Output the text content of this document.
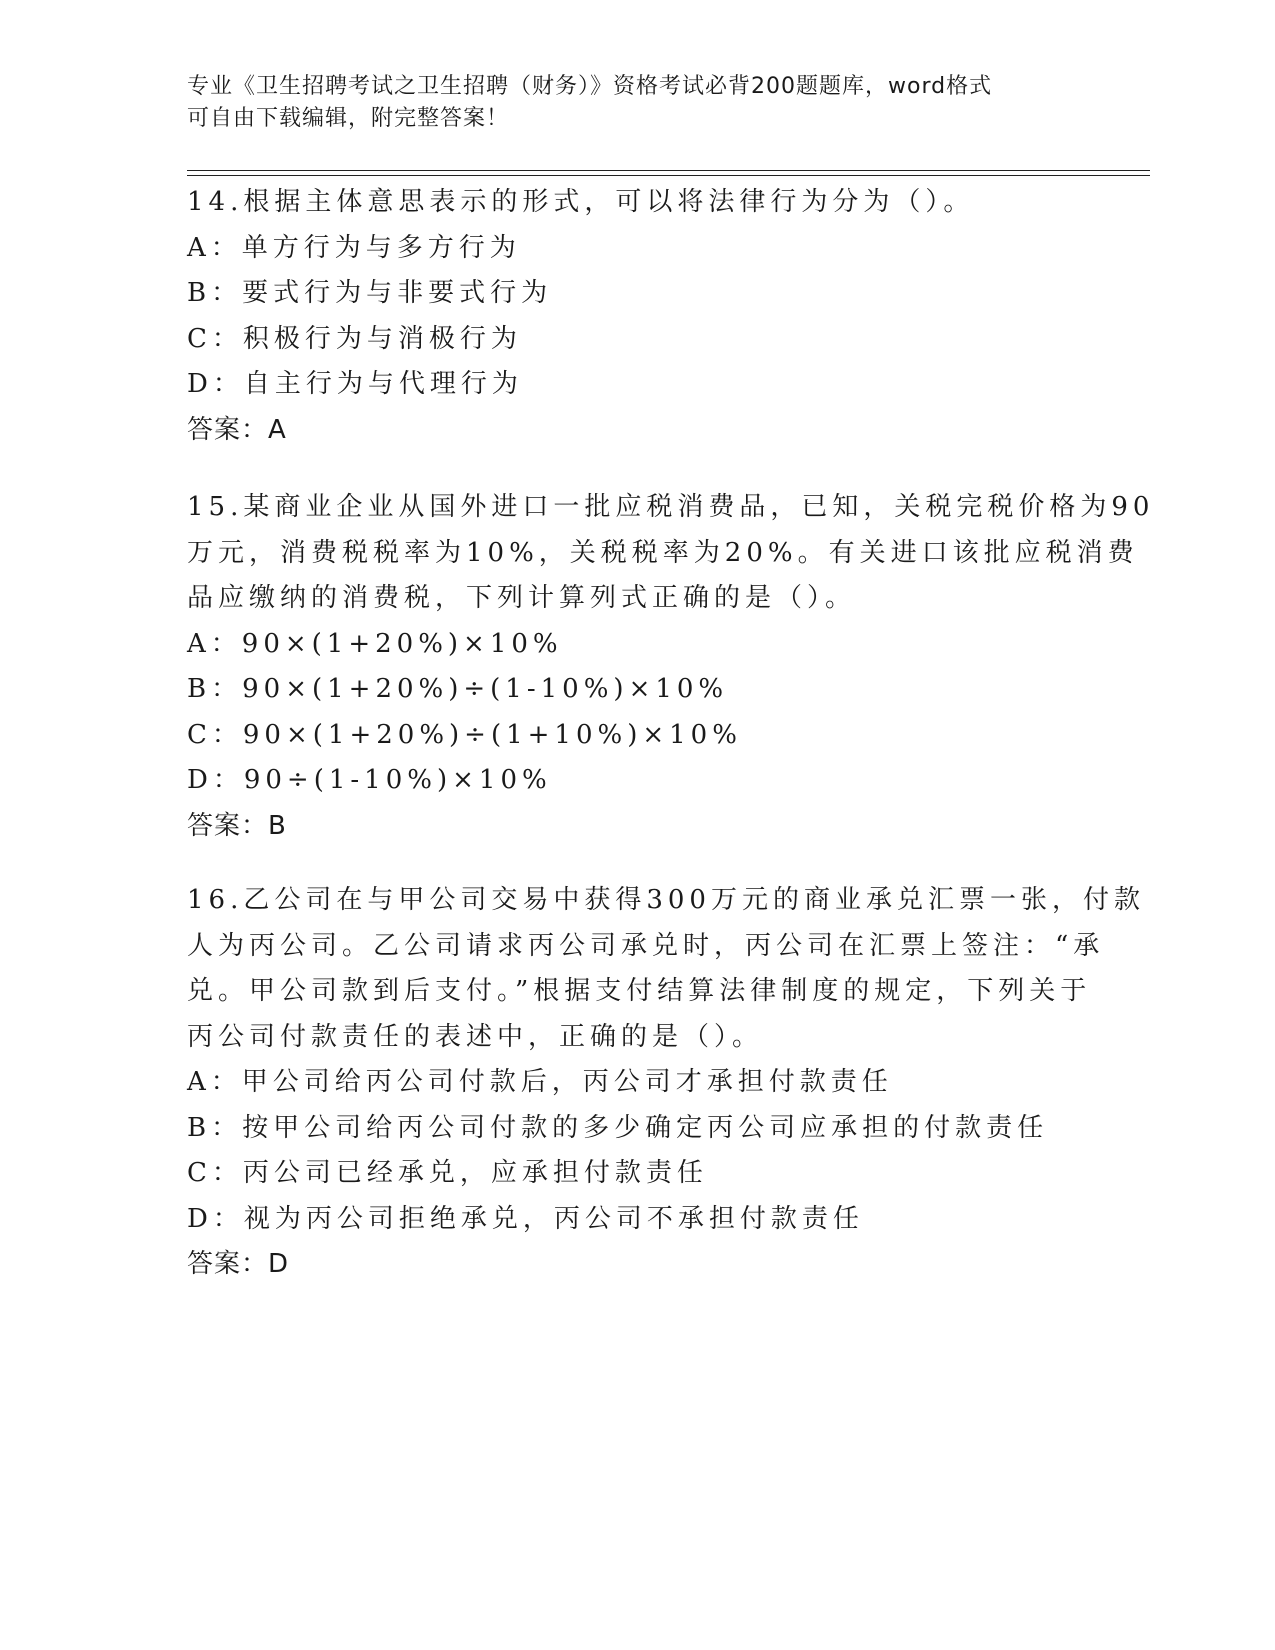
专业《卫生招聘考试之卫生招聘（财务）》资格考试必背200题题库，word格式
可自由下载编辑，附完整答案！
14.根据主体意思表示的形式，可以将法律行为分为（）。
A：单方行为与多方行为
B：要式行为与非要式行为
C：积极行为与消极行为
D：自主行为与代理行为
答案：A
15.某商业企业从国外进口一批应税消费品，已知，关税完税价格为90
万元，消费税税率为10%，关税税率为20%。有关进口该批应税消费
品应缴纳的消费税，下列计算列式正确的是（）。
A：90×(1+20%)×10%
B：90×(1+20%)÷(1-10%)×10%
C：90×(1+20%)÷(1+10%)×10%
D：90÷(1-10%)×10%
答案：B
16.乙公司在与甲公司交易中获得300万元的商业承兑汇票一张，付款
人为丙公司。乙公司请求丙公司承兑时，丙公司在汇票上签注：“承
兑。甲公司款到后支付。”根据支付结算法律制度的规定，下列关于
丙公司付款责任的表述中，正确的是（）。
A：甲公司给丙公司付款后，丙公司才承担付款责任
B：按甲公司给丙公司付款的多少确定丙公司应承担的付款责任
C：丙公司已经承兑，应承担付款责任
D：视为丙公司拒绝承兑，丙公司不承担付款责任
答案：D
